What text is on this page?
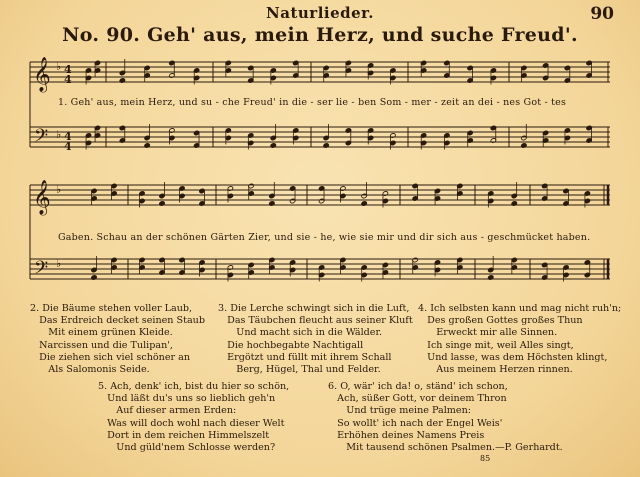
Naturlieder.	90
No. 90. Geh' aus, mein Herz, und suche Freud'.
𝄞
𝄢
𝄞
𝄢
♭
♭
♭
♭
4
4
4
4
1. Geh' aus, mein Herz, und su - che Freud' in die - ser lie - ben Som - mer - zeit an dei - nes Got - tes
Gaben. Schau an der schönen Gärten Zier, und sie - he, wie sie mir und dir sich aus - geschmücket haben.
2. Die Bäume stehen voller Laub,
Das Erdreich decket seinen Staub
Mit einem grünen Kleide.
Narcissen und die Tulipan',
Die ziehen sich viel schöner an
Als Salomonis Seide.
3. Die Lerche schwingt sich in die Luft,
Das Täubchen fleucht aus seiner Kluft
Und macht sich in die Wälder.
Die hochbegabte Nachtigall
Ergötzt und füllt mit ihrem Schall
Berg, Hügel, Thal und Felder.
4. Ich selbsten kann und mag nicht ruh'n;
Des großen Gottes großes Thun
Erweckt mir alle Sinnen.
Ich singe mit, weil Alles singt,
Und lasse, was dem Höchsten klingt,
Aus meinem Herzen rinnen.
5. Ach, denk' ich, bist du hier so schön,
Und läßt du's uns so lieblich geh'n
Auf dieser armen Erden:
Was will doch wohl nach dieser Welt
Dort in dem reichen Himmelszelt
Und güld'nem Schlosse werden?
6. O, wär' ich da! o, ständ' ich schon,
Ach, süßer Gott, vor deinem Thron
Und trüge meine Palmen:
So wollt' ich nach der Engel Weis'
Erhöhen deines Namens Preis
Mit tausend schönen Psalmen.—P. Gerhardt.
85
